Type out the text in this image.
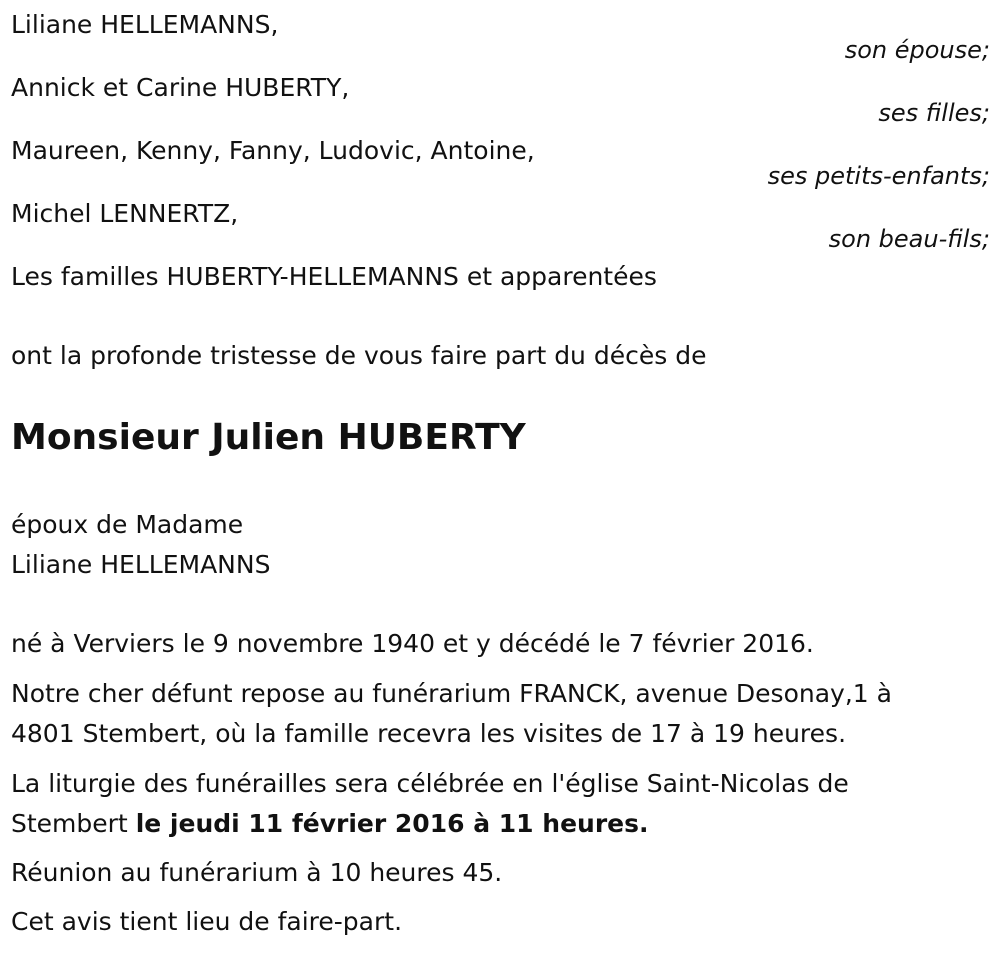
Liliane HELLEMANNS,
son épouse;
Annick et Carine HUBERTY,
ses filles;
Maureen, Kenny, Fanny, Ludovic, Antoine,
ses petits-enfants;
Michel LENNERTZ,
son beau-fils;
Les familles HUBERTY-HELLEMANNS et apparentées
ont la profonde tristesse de vous faire part du décès de
Monsieur Julien HUBERTY
époux de Madame
Liliane HELLEMANNS
né à Verviers le 9 novembre 1940 et y décédé le 7 février 2016.
Notre cher défunt repose au funérarium FRANCK, avenue Desonay,1 à
4801 Stembert, où la famille recevra les visites de 17 à 19 heures.
La liturgie des funérailles sera célébrée en l'église Saint-Nicolas de
Stembert le jeudi 11 février 2016 à 11 heures.
Réunion au funérarium à 10 heures 45.
Cet avis tient lieu de faire-part.
